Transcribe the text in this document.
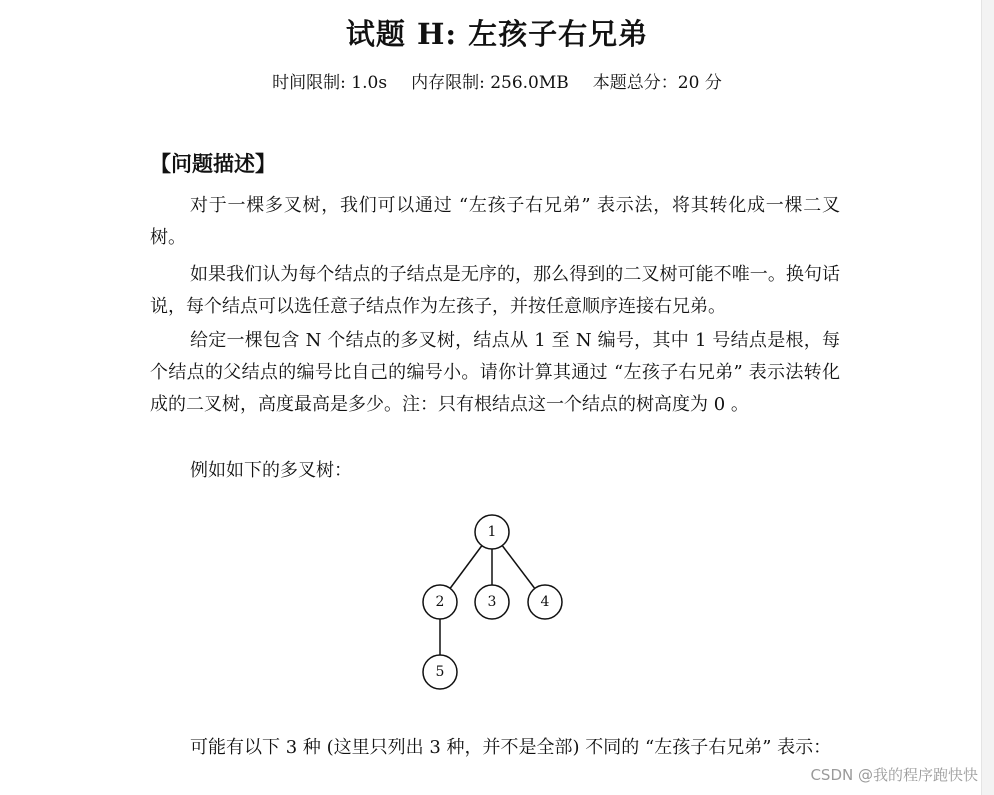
试题 H: 左孩子右兄弟
时间限制: 1.0s 内存限制: 256.0MB 本题总分：20 分
【问题描述】

对于一棵多叉树，我们可以通过 “左孩子右兄弟” 表示法，将其转化成一棵二叉树。

如果我们认为每个结点的子结点是无序的，那么得到的二叉树可能不唯一。换句话说，每个结点可以选任意子结点作为左孩子，并按任意顺序连接右兄弟。

给定一棵包含 N 个结点的多叉树，结点从 1 至 N 编号，其中 1 号结点是根，每个结点的父结点的编号比自己的编号小。请你计算其通过 “左孩子右兄弟” 表示法转化成的二叉树，高度最高是多少。注：只有根结点这一个结点的树高度为 0 。

例如如下的多叉树：

1
2	3	4
5

可能有以下 3 种 (这里只列出 3 种，并不是全部) 不同的 “左孩子右兄弟” 表示：

CSDN @我的程序跑快快
